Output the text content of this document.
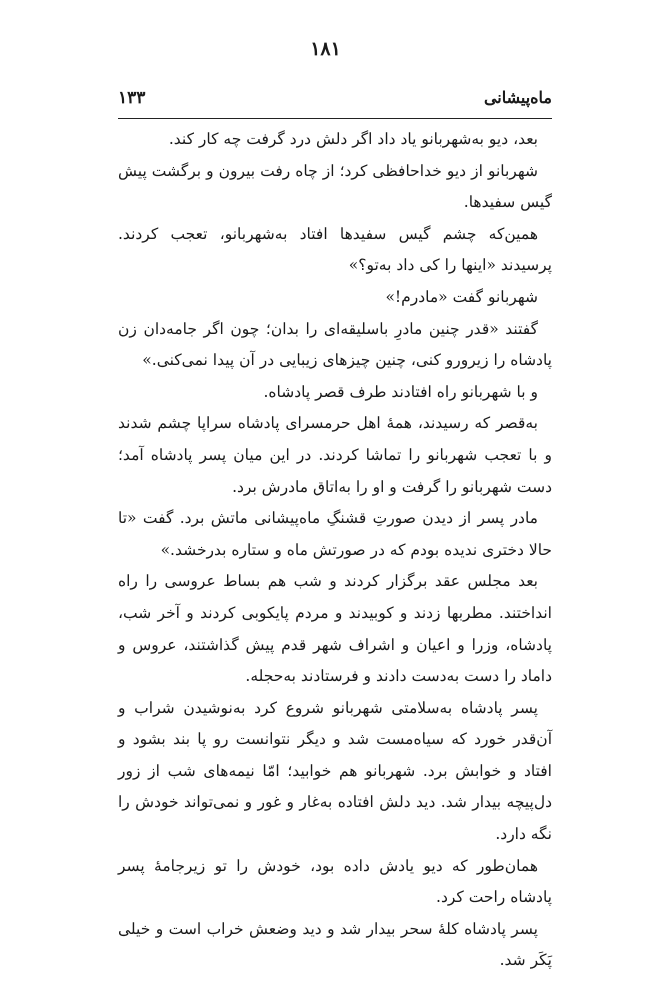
۱۸۱
ماه‌پیشانی
۱۳۳

بعد، دیو به‌شهربانو یاد داد اگر دلش درد گرفت چه کار کند.

شهربانو از دیو خداحافظی کرد؛ از چاه رفت بیرون و برگشت پیش گیس سفیدها.

همین‌که چشم گیس سفیدها افتاد به‌شهربانو، تعجب کردند. پرسیدند «اینها را کی داد به‌تو؟»

شهربانو گفت «مادرم!»

گفتند «قدر چنین مادرِ باسلیقه‌ای را بدان؛ چون اگر جامه‌دان زن پادشاه را زیرورو کنی، چنین چیزهای زیبایی در آن پیدا نمی‌کنی.»

و با شهربانو راه افتادند طرف قصر پادشاه.

به‌قصر که رسیدند، همهٔ اهل حرمسرای پادشاه سراپا چشم شدند و با تعجب شهربانو را تماشا کردند. در این میان پسر پادشاه آمد؛ دست شهربانو را گرفت و او را به‌اتاق مادرش برد.

مادر پسر از دیدن صورتِ قشنگِ ماه‌پیشانی ماتش برد. گفت «تا حالا دختری ندیده بودم که در صورتش ماه و ستاره بدرخشد.»

بعد مجلس عقد برگزار کردند و شب هم بساط عروسی را راه انداختند. مطربها زدند و کوبیدند و مردم پایکوبی کردند و آخر شب، پادشاه، وزرا و اعیان و اشراف شهر قدم پیش گذاشتند، عروس و داماد را دست به‌دست دادند و فرستادند به‌حجله.

پسر پادشاه به‌سلامتی شهربانو شروع کرد به‌نوشیدن شراب و آن‌قدر خورد که سیاه‌مست شد و دیگر نتوانست رو پا بند بشود و افتاد و خوابش برد. شهربانو هم خوابید؛ امّا نیمه‌های شب از زور دل‌پیچه بیدار شد. دید دلش افتاده به‌غار و غور و نمی‌تواند خودش را نگه دارد.

همان‌طور که دیو یادش داده بود، خودش را تو زیرجامهٔ پسر پادشاه راحت کرد.

پسر پادشاه کلهٔ سحر بیدار شد و دید وضعش خراب است و خیلی پَکَر شد.
